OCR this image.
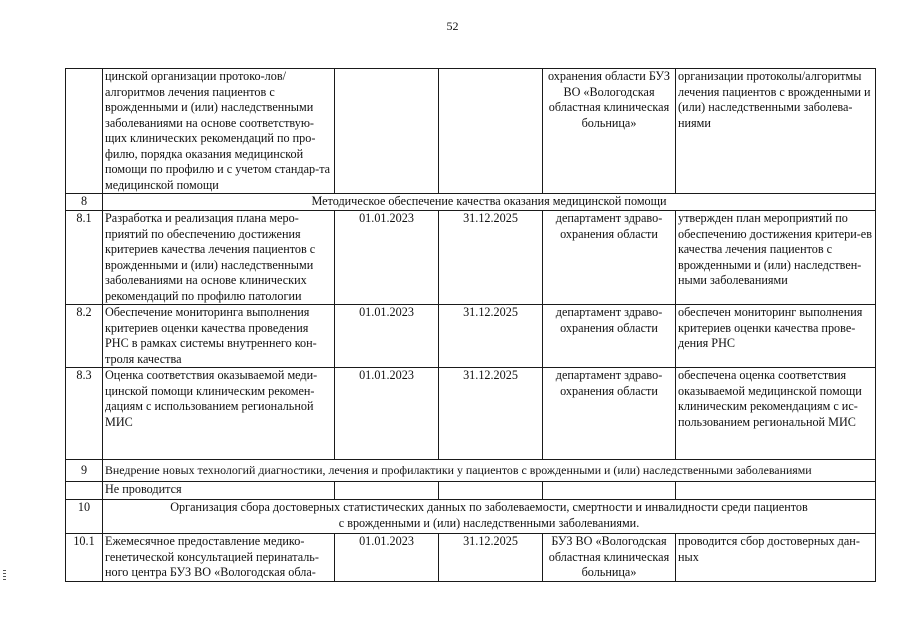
52
	цинской организации протоко-лов/алгоритмов лечения пациентов с врожденными и (или) наследственными заболеваниями на основе соответствую-щих клинических рекомендаций по про-филю, порядка оказания медицинской помощи по профилю и с учетом стандар-та медицинской помощи			охранения области БУЗ ВО «Вологодская областная клиническая больница»	организации протоколы/алгоритмы лечения пациентов с врожденными и (или) наследственными заболева-ниями
8	Методическое обеспечение качества оказания медицинской помощи				
8.1	Разработка и реализация плана меро-приятий по обеспечению достижения критериев качества лечения пациентов с врожденными и (или) наследственными заболеваниями на основе клинических рекомендаций по профилю патологии	01.01.2023	31.12.2025	департамент здраво-охранения области	утвержден план мероприятий по обеспечению достижения критери-ев качества лечения пациентов с врожденными и (или) наследствен-ными заболеваниями
8.2	Обеспечение мониторинга выполнения критериев оценки качества проведения РНС в рамках системы внутреннего кон-троля качества	01.01.2023	31.12.2025	департамент здраво-охранения области	обеспечен мониторинг выполнения критериев оценки качества прове-дения РНС
8.3	Оценка соответствия оказываемой меди-цинской помощи клиническим рекомен-дациям с использованием региональной МИС	01.01.2023	31.12.2025	департамент здраво-охранения области	обеспечена оценка соответствия оказываемой медицинской помощи клиническим рекомендациям с ис-пользованием региональной МИС
9	Внедрение новых технологий диагностики, лечения и профилактики у пациентов с врожденными и (или) наследственными заболеваниями				
	Не проводится				
10	Организация сбора достоверных статистических данных по заболеваемости, смертности и инвалидности среди пациентов
с врожденными и (или) наследственными заболеваниями.				

10.1	Ежемесячное предоставление медико-генетической консультацией перинаталь-ного центра БУЗ ВО «Вологодская обла-	01.01.2023	31.12.2025	БУЗ ВО «Вологодская областная клиническая больница»	проводится сбор достоверных дан-ных
